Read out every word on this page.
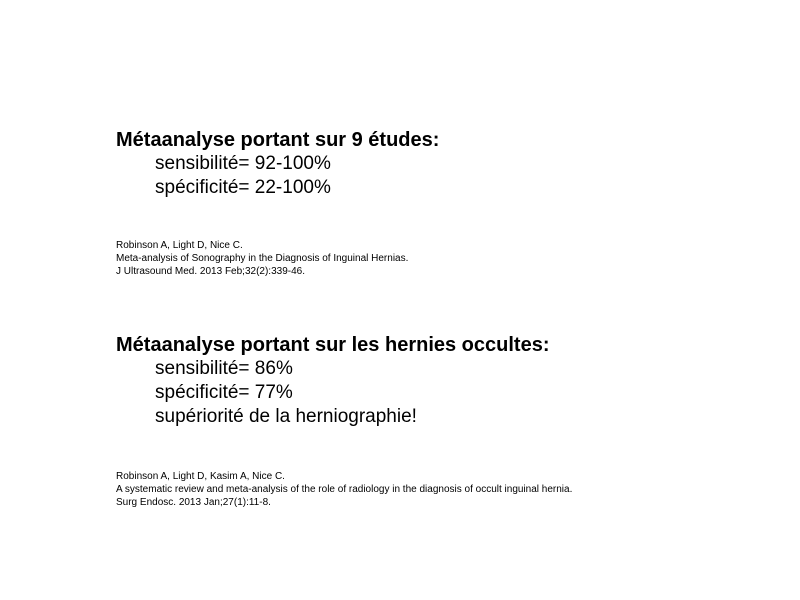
Métaanalyse portant sur 9 études:
sensibilité= 92-100%
spécificité= 22-100%
Robinson A, Light D, Nice C.
Meta-analysis of Sonography in the Diagnosis of Inguinal Hernias.
J Ultrasound Med. 2013 Feb;32(2):339-46.
Métaanalyse portant sur les hernies occultes:
sensibilité= 86%
spécificité= 77%
supériorité de la herniographie!
Robinson A, Light D, Kasim A, Nice C.
A systematic review and meta-analysis of the role of radiology in the diagnosis of occult inguinal hernia.
Surg Endosc. 2013 Jan;27(1):11-8.
